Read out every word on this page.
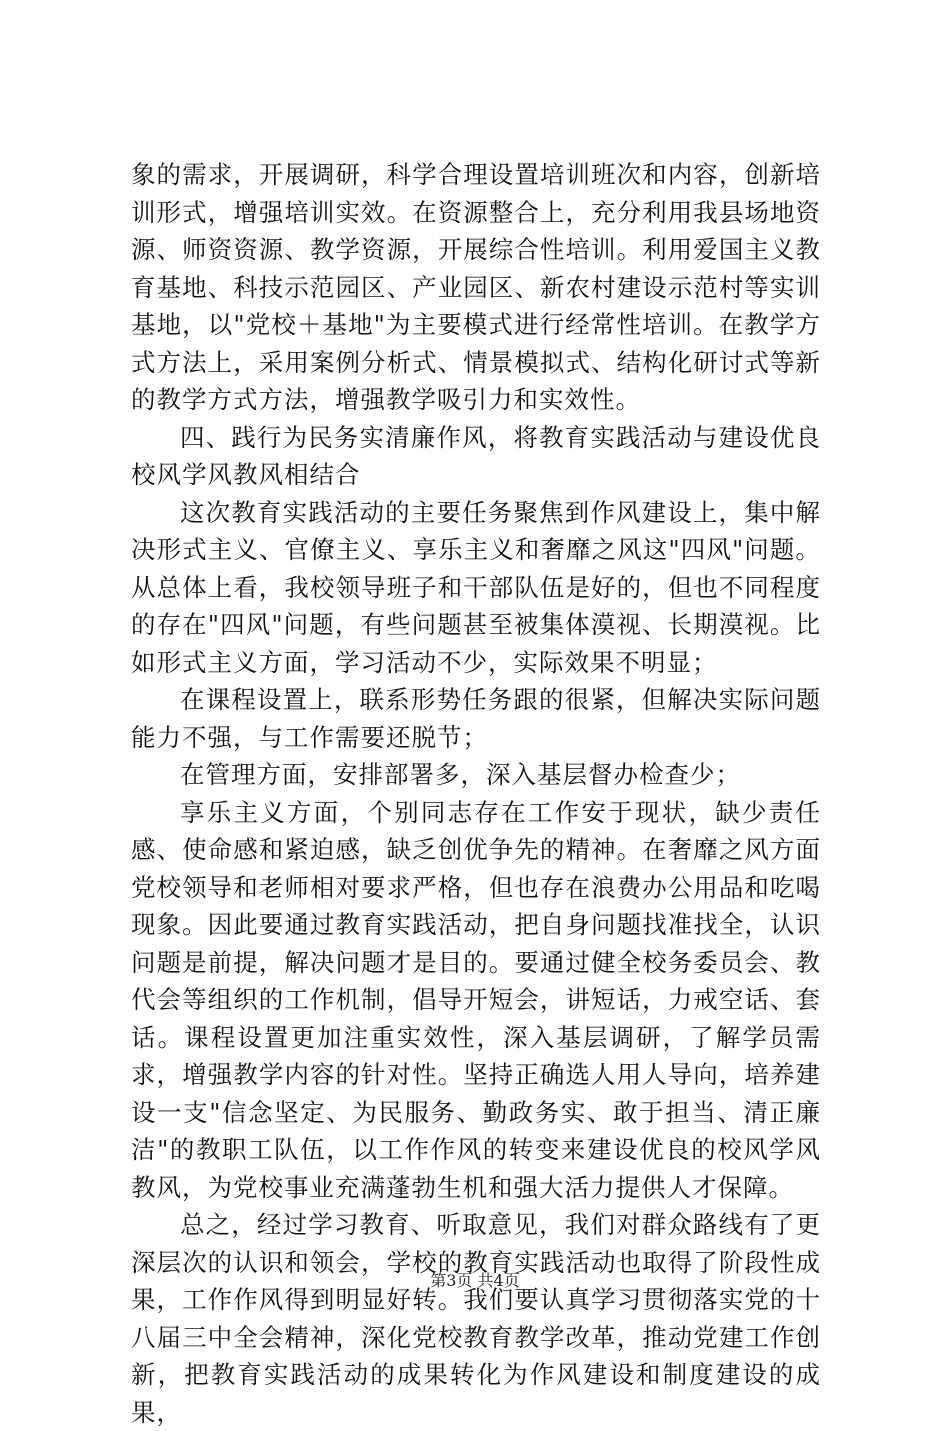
象的需求，开展调研，科学合理设置培训班次和内容，创新培训形式，增强培训实效。在资源整合上，充分利用我县场地资源、师资资源、教学资源，开展综合性培训。利用爱国主义教育基地、科技示范园区、产业园区、新农村建设示范村等实训基地，以"党校＋基地"为主要模式进行经常性培训。在教学方式方法上，采用案例分析式、情景模拟式、结构化研讨式等新的教学方式方法，增强教学吸引力和实效性。

四、践行为民务实清廉作风，将教育实践活动与建设优良校风学风教风相结合

这次教育实践活动的主要任务聚焦到作风建设上，集中解决形式主义、官僚主义、享乐主义和奢靡之风这"四风"问题。从总体上看，我校领导班子和干部队伍是好的，但也不同程度的存在"四风"问题，有些问题甚至被集体漠视、长期漠视。比如形式主义方面，学习活动不少，实际效果不明显；

在课程设置上，联系形势任务跟的很紧，但解决实际问题能力不强，与工作需要还脱节；

在管理方面，安排部署多，深入基层督办检查少；

享乐主义方面，个别同志存在工作安于现状，缺少责任感、使命感和紧迫感，缺乏创优争先的精神。在奢靡之风方面党校领导和老师相对要求严格，但也存在浪费办公用品和吃喝现象。因此要通过教育实践活动，把自身问题找准找全，认识问题是前提，解决问题才是目的。要通过健全校务委员会、教代会等组织的工作机制，倡导开短会，讲短话，力戒空话、套话。课程设置更加注重实效性，深入基层调研，了解学员需求，增强教学内容的针对性。坚持正确选人用人导向，培养建设一支"信念坚定、为民服务、勤政务实、敢于担当、清正廉洁"的教职工队伍，以工作作风的转变来建设优良的校风学风教风，为党校事业充满蓬勃生机和强大活力提供人才保障。

总之，经过学习教育、听取意见，我们对群众路线有了更深层次的认识和领会，学校的教育实践活动也取得了阶段性成果，工作作风得到明显好转。我们要认真学习贯彻落实党的十八届三中全会精神，深化党校教育教学改革，推动党建工作创新，把教育实践活动的成果转化为作风建设和制度建设的成果，

第3页 共4页
